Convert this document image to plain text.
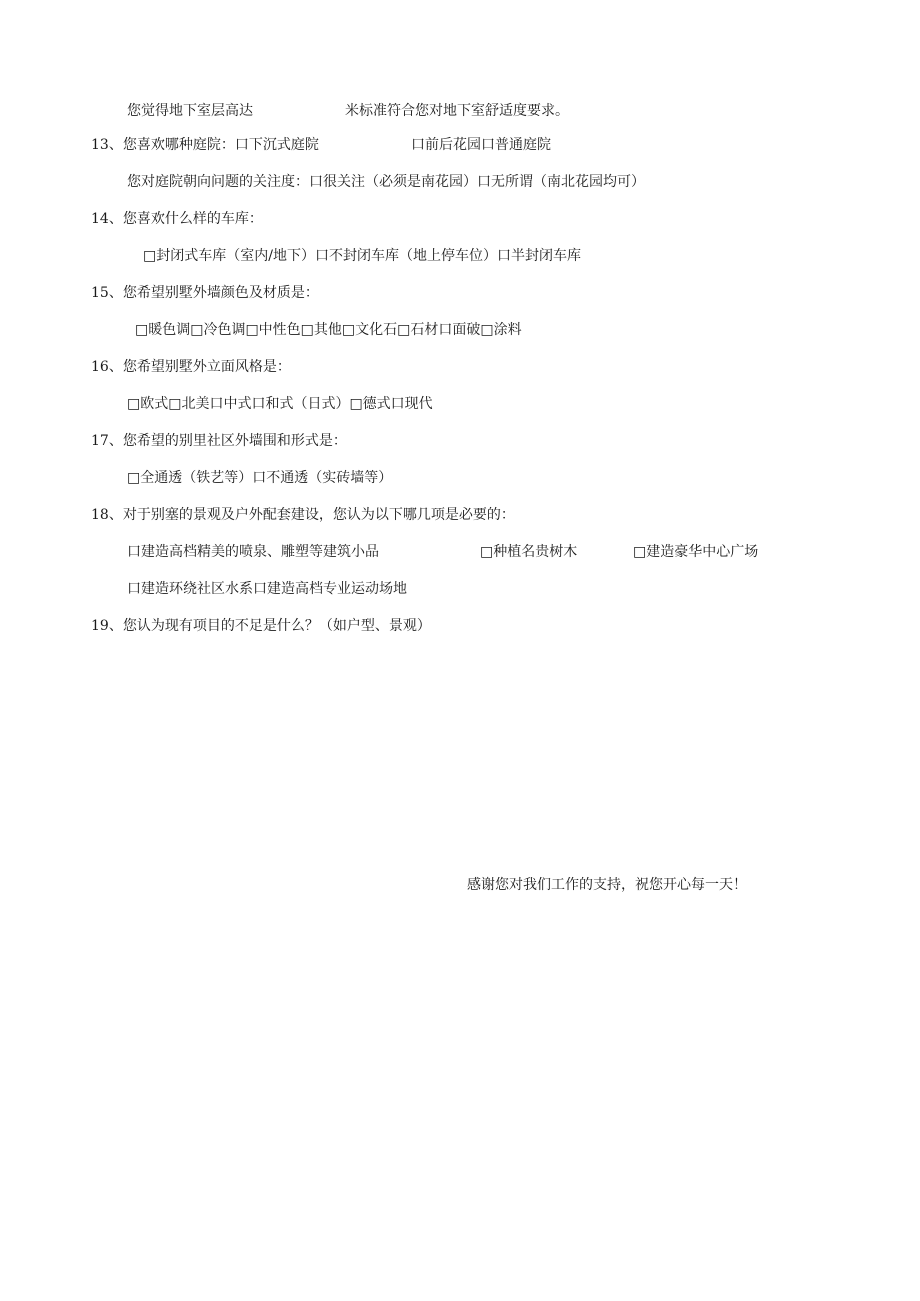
您觉得地下室层高达	米标准符合您对地下室舒适度要求。
13、您喜欢哪种庭院：口下沉式庭院	口前后花园口普通庭院
您对庭院朝向问题的关注度：口很关注（必须是南花园）口无所谓（南北花园均可）
14、您喜欢什么样的车库：
□封闭式车库（室内/地下）口不封闭车库（地上停车位）口半封闭车库
15、您希望别墅外墙颜色及材质是：
□暖色调□冷色调□中性色□其他□文化石□石材口面破□涂料
16、您希望别墅外立面风格是：
□欧式□北美口中式口和式（日式）□德式口现代
17、您希望的别里社区外墙围和形式是：
□全通透（铁艺等）口不通透（实砖墙等）
18、对于别塞的景观及户外配套建设，您认为以下哪几项是必要的：
口建造高档精美的喷泉、雕塑等建筑小品	□种植名贵树木	□建造豪华中心广场
口建造环绕社区水系口建造高档专业运动场地
19、您认为现有项目的不足是什么？（如户型、景观）
感谢您对我们工作的支持，祝您开心每一天！
